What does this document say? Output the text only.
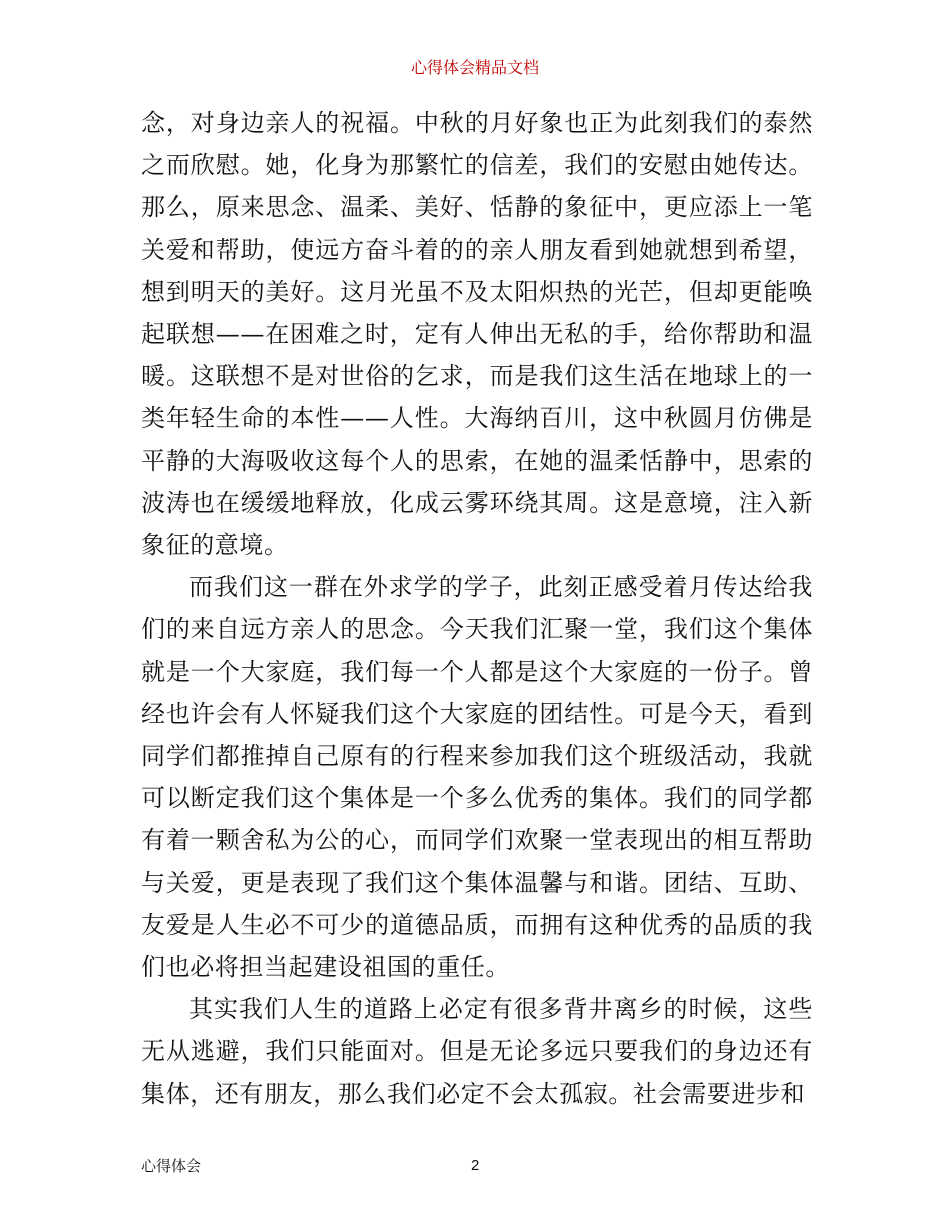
心得体会精品文档

念，对身边亲人的祝福。中秋的月好象也正为此刻我们的泰然之而欣慰。她，化身为那繁忙的信差，我们的安慰由她传达。那么，原来思念、温柔、美好、恬静的象征中，更应添上一笔关爱和帮助，使远方奋斗着的的亲人朋友看到她就想到希望，想到明天的美好。这月光虽不及太阳炽热的光芒，但却更能唤起联想——在困难之时，定有人伸出无私的手，给你帮助和温暖。这联想不是对世俗的乞求，而是我们这生活在地球上的一类年轻生命的本性——人性。大海纳百川，这中秋圆月仿佛是平静的大海吸收这每个人的思索，在她的温柔恬静中，思索的波涛也在缓缓地释放，化成云雾环绕其周。这是意境，注入新象征的意境。

而我们这一群在外求学的学子，此刻正感受着月传达给我们的来自远方亲人的思念。今天我们汇聚一堂，我们这个集体就是一个大家庭，我们每一个人都是这个大家庭的一份子。曾经也许会有人怀疑我们这个大家庭的团结性。可是今天，看到同学们都推掉自己原有的行程来参加我们这个班级活动，我就可以断定我们这个集体是一个多么优秀的集体。我们的同学都有着一颗舍私为公的心，而同学们欢聚一堂表现出的相互帮助与关爱，更是表现了我们这个集体温馨与和谐。团结、互助、友爱是人生必不可少的道德品质，而拥有这种优秀的品质的我们也必将担当起建设祖国的重任。

其实我们人生的道路上必定有很多背井离乡的时候，这些无从逃避，我们只能面对。但是无论多远只要我们的身边还有集体，还有朋友，那么我们必定不会太孤寂。社会需要进步和

心得体会	2
